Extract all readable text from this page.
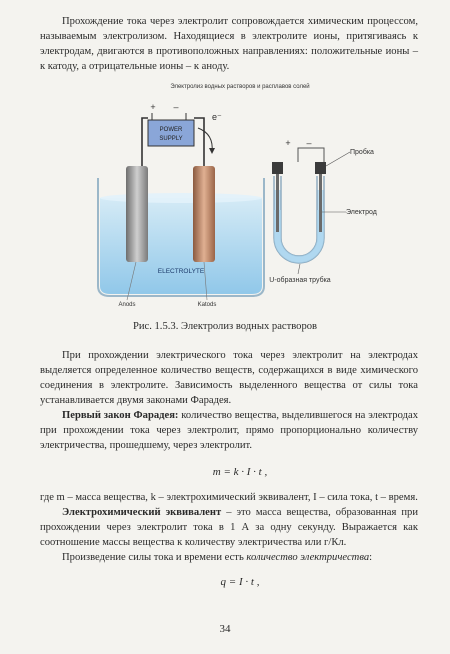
Прохождение тока через электролит сопровождается химическим процессом, называемым электролизом. Находящиеся в электролите ионы, притягиваясь к электродам, двигаются в противоположных направлениях: положительные ионы – к катоду, а отрицательные ионы – к аноду.

Электролиз водных растворов и расплавов солей
POWER
SUPPLY
+ –
e⁻
ELECTROLYTE
Anods	Katods
+ –
Пробка
Электрод
U-образная трубка
Рис. 1.5.3. Электролиз водных растворов

При прохождении электрического тока через электролит на электродах выделяется определенное количество веществ, содержащихся в виде химического соединения в электролите. Зависимость выделенного вещества от силы тока устанавливается двумя законами Фарадея.

Первый закон Фарадея: количество вещества, выделившегося на электродах при прохождении тока через электролит, прямо пропорционально количеству электричества, прошедшему, через электролит.

m = k · I · t ,

где m – масса вещества, k – электрохимический эквивалент, I – сила тока, t – время.

Электрохимический эквивалент – это масса вещества, образованная при прохождении через электролит тока в 1 А за одну секунду. Выражается как соотношение массы вещества к количеству электричества или г/Кл.

Произведение силы тока и времени есть количество электричества:

q = I · t ,

34
